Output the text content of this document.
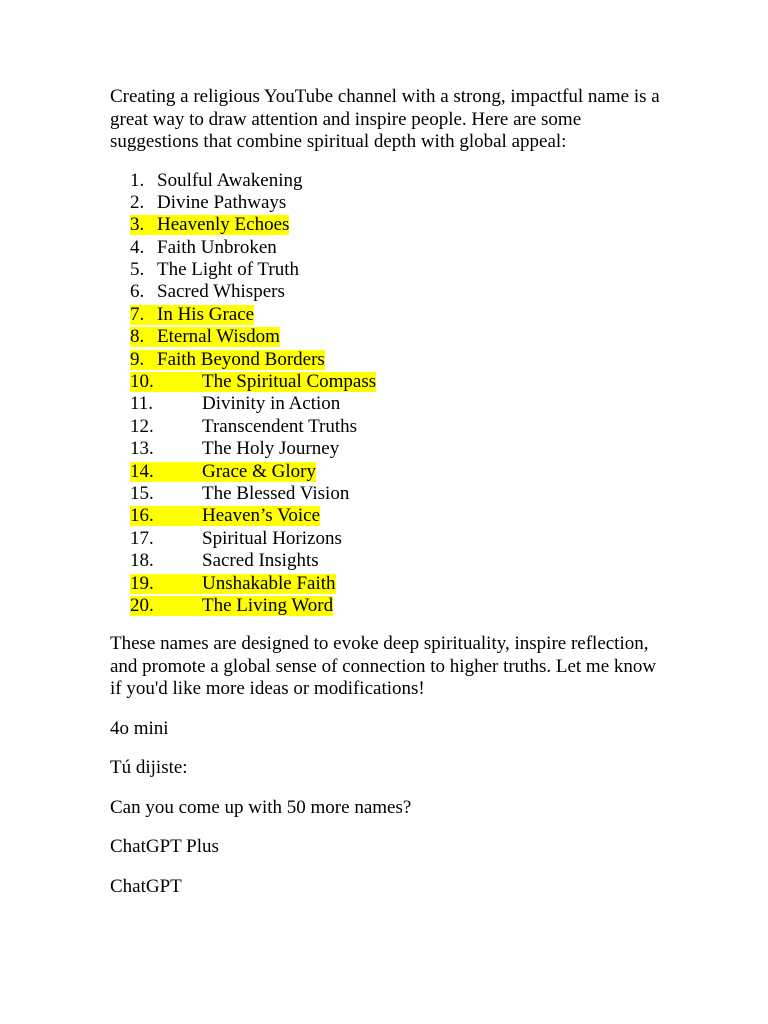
Creating a religious YouTube channel with a strong, impactful name is a great way to draw attention and inspire people. Here are some suggestions that combine spiritual depth with global appeal:

1. Soulful Awakening
2. Divine Pathways
3. Heavenly Echoes
4. Faith Unbroken
5. The Light of Truth
6. Sacred Whispers
7. In His Grace
8. Eternal Wisdom
9. Faith Beyond Borders
10.	The Spiritual Compass
11.	Divinity in Action
12.	Transcendent Truths
13.	The Holy Journey
14.	Grace & Glory
15.	The Blessed Vision
16.	Heaven’s Voice
17.	Spiritual Horizons
18.	Sacred Insights
19.	Unshakable Faith
20.	The Living Word

These names are designed to evoke deep spirituality, inspire reflection, and promote a global sense of connection to higher truths. Let me know if you'd like more ideas or modifications!

4o mini

Tú dijiste:

Can you come up with 50 more names?

ChatGPT Plus

ChatGPT
